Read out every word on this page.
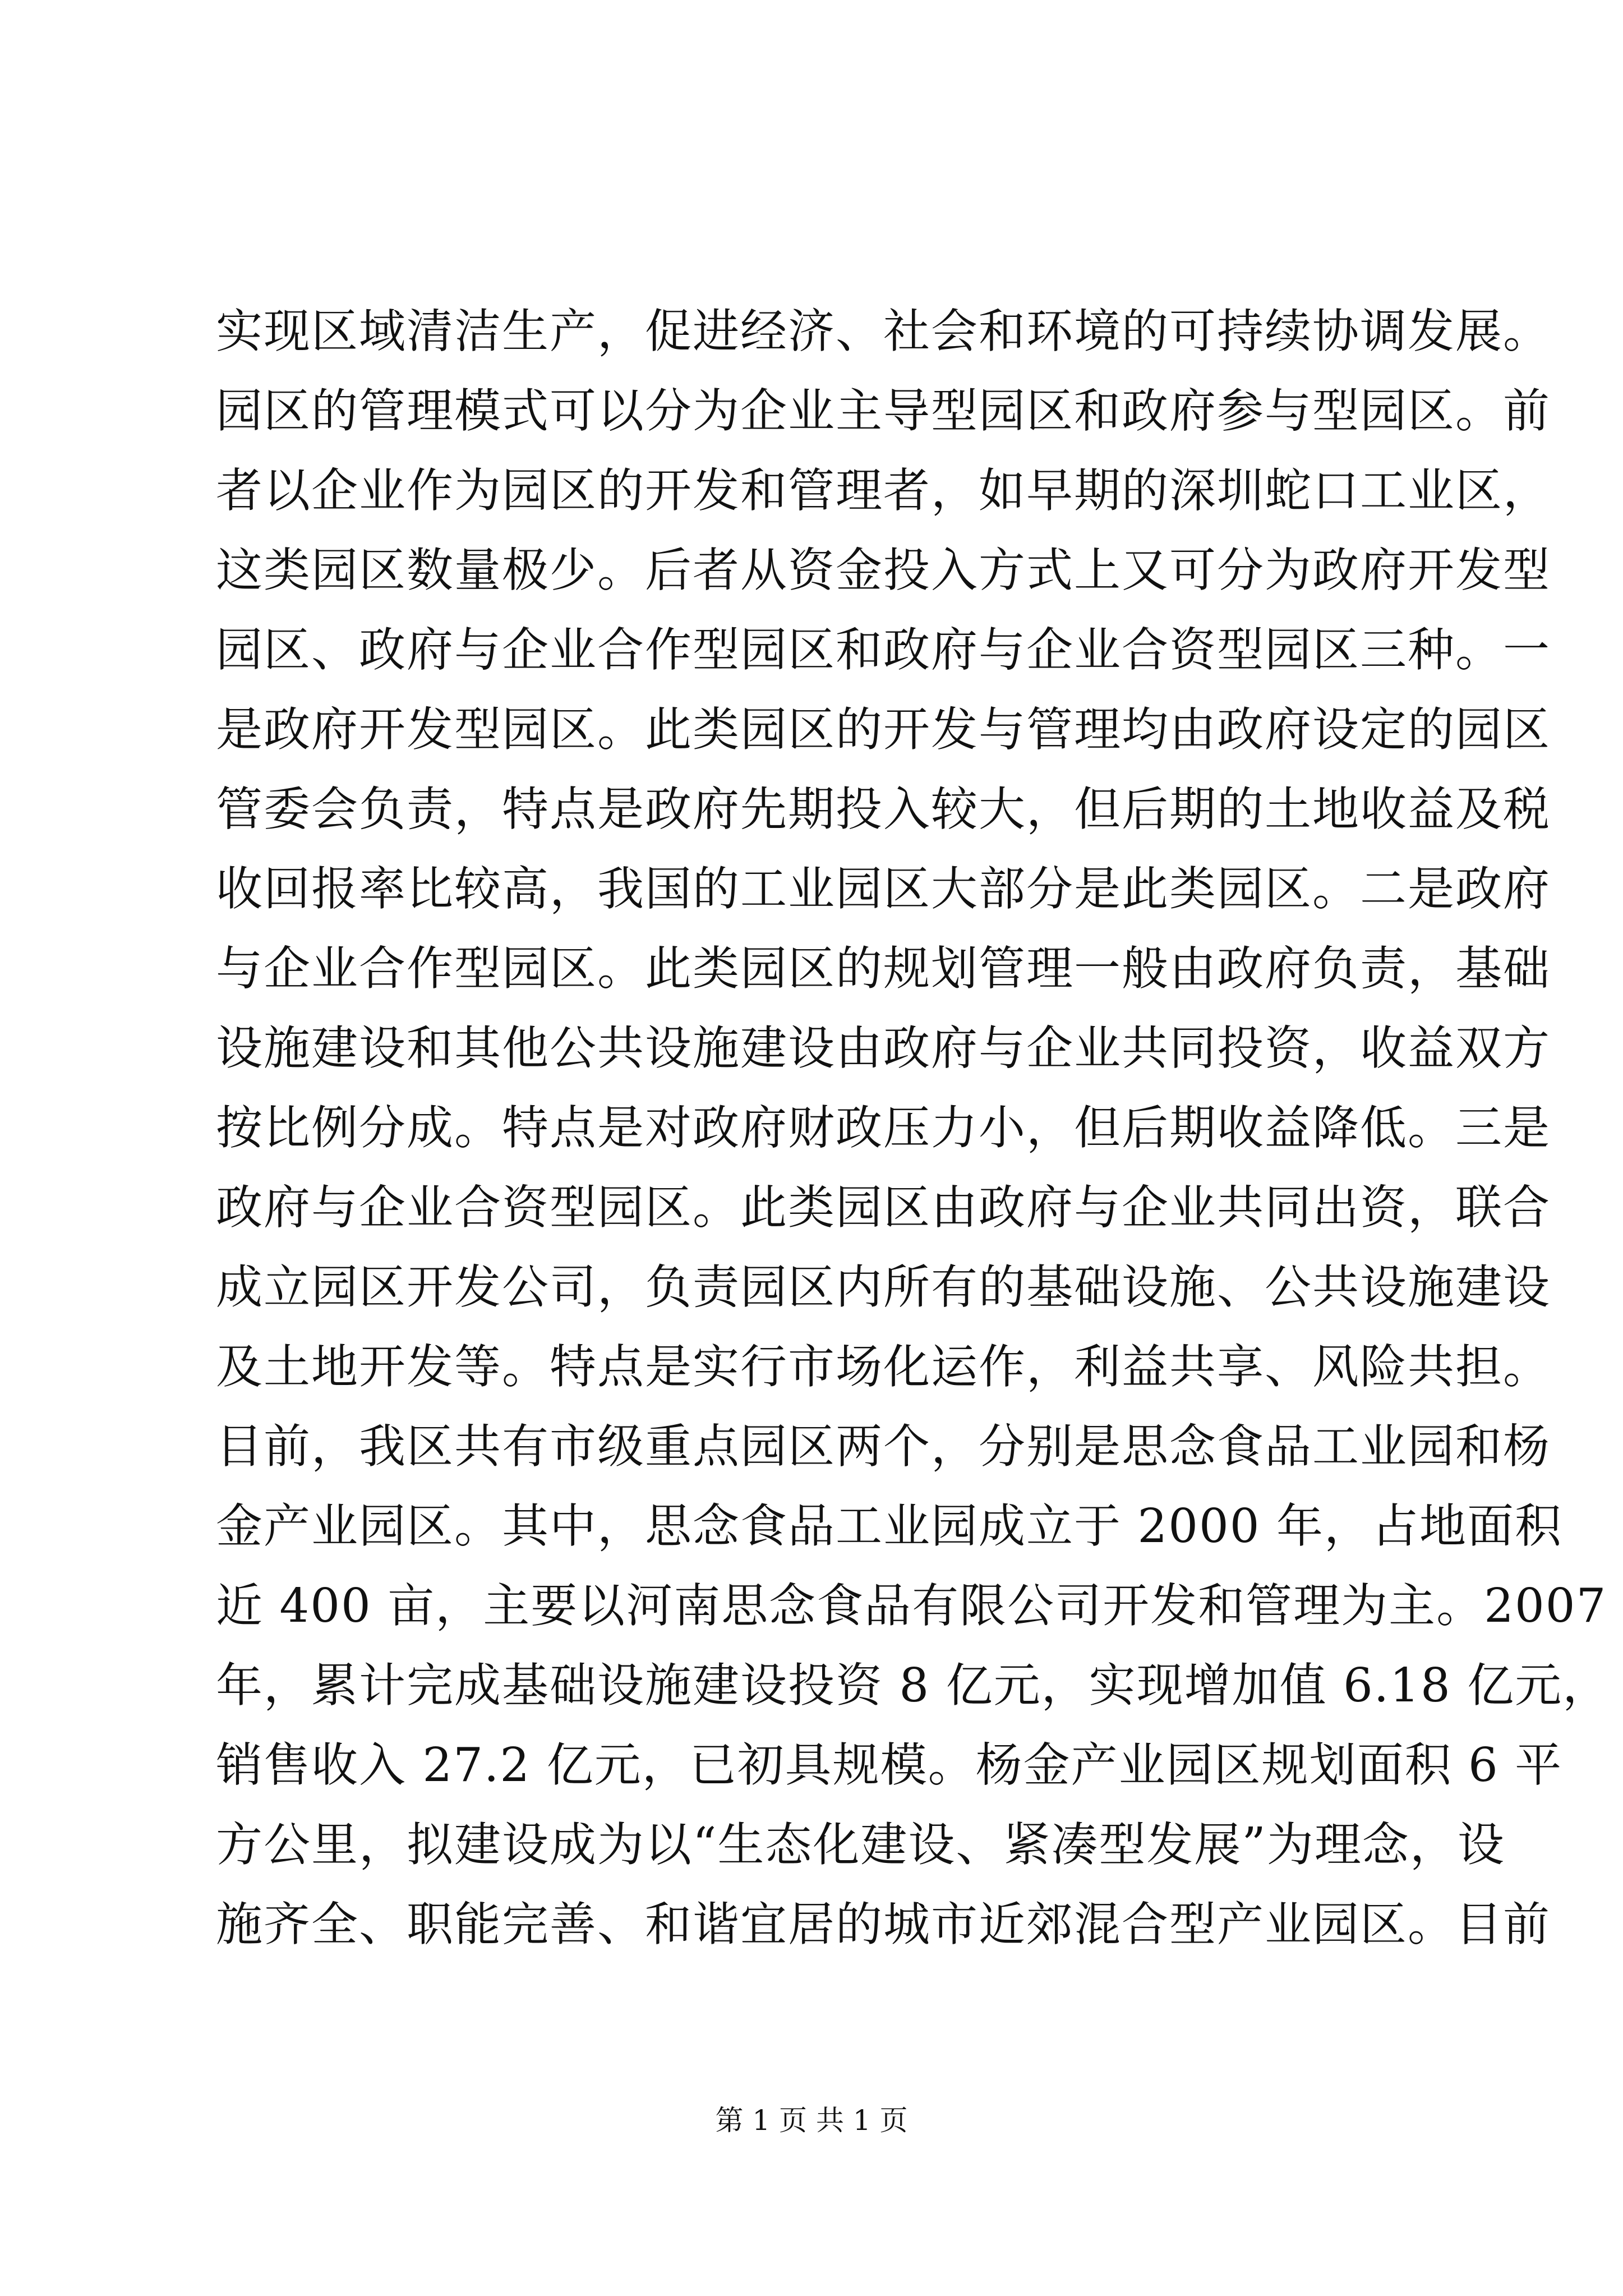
实现区域清洁生产，促进经济、社会和环境的可持续协调发展。
园区的管理模式可以分为企业主导型园区和政府参与型园区。前
者以企业作为园区的开发和管理者，如早期的深圳蛇口工业区，
这类园区数量极少。后者从资金投入方式上又可分为政府开发型
园区、政府与企业合作型园区和政府与企业合资型园区三种。一
是政府开发型园区。此类园区的开发与管理均由政府设定的园区
管委会负责，特点是政府先期投入较大，但后期的土地收益及税
收回报率比较高，我国的工业园区大部分是此类园区。二是政府
与企业合作型园区。此类园区的规划管理一般由政府负责，基础
设施建设和其他公共设施建设由政府与企业共同投资，收益双方
按比例分成。特点是对政府财政压力小，但后期收益降低。三是
政府与企业合资型园区。此类园区由政府与企业共同出资，联合
成立园区开发公司，负责园区内所有的基础设施、公共设施建设
及土地开发等。特点是实行市场化运作，利益共享、风险共担。
目前，我区共有市级重点园区两个，分别是思念食品工业园和杨
金产业园区。其中，思念食品工业园成立于 2000 年，占地面积
近 400 亩，主要以河南思念食品有限公司开发和管理为主。2007
年，累计完成基础设施建设投资 8 亿元，实现增加值 6.18 亿元，
销售收入 27.2 亿元，已初具规模。杨金产业园区规划面积 6 平
方公里，拟建设成为以“生态化建设、紧凑型发展”为理念，设
施齐全、职能完善、和谐宜居的城市近郊混合型产业园区。目前
第 1 页 共 1 页
